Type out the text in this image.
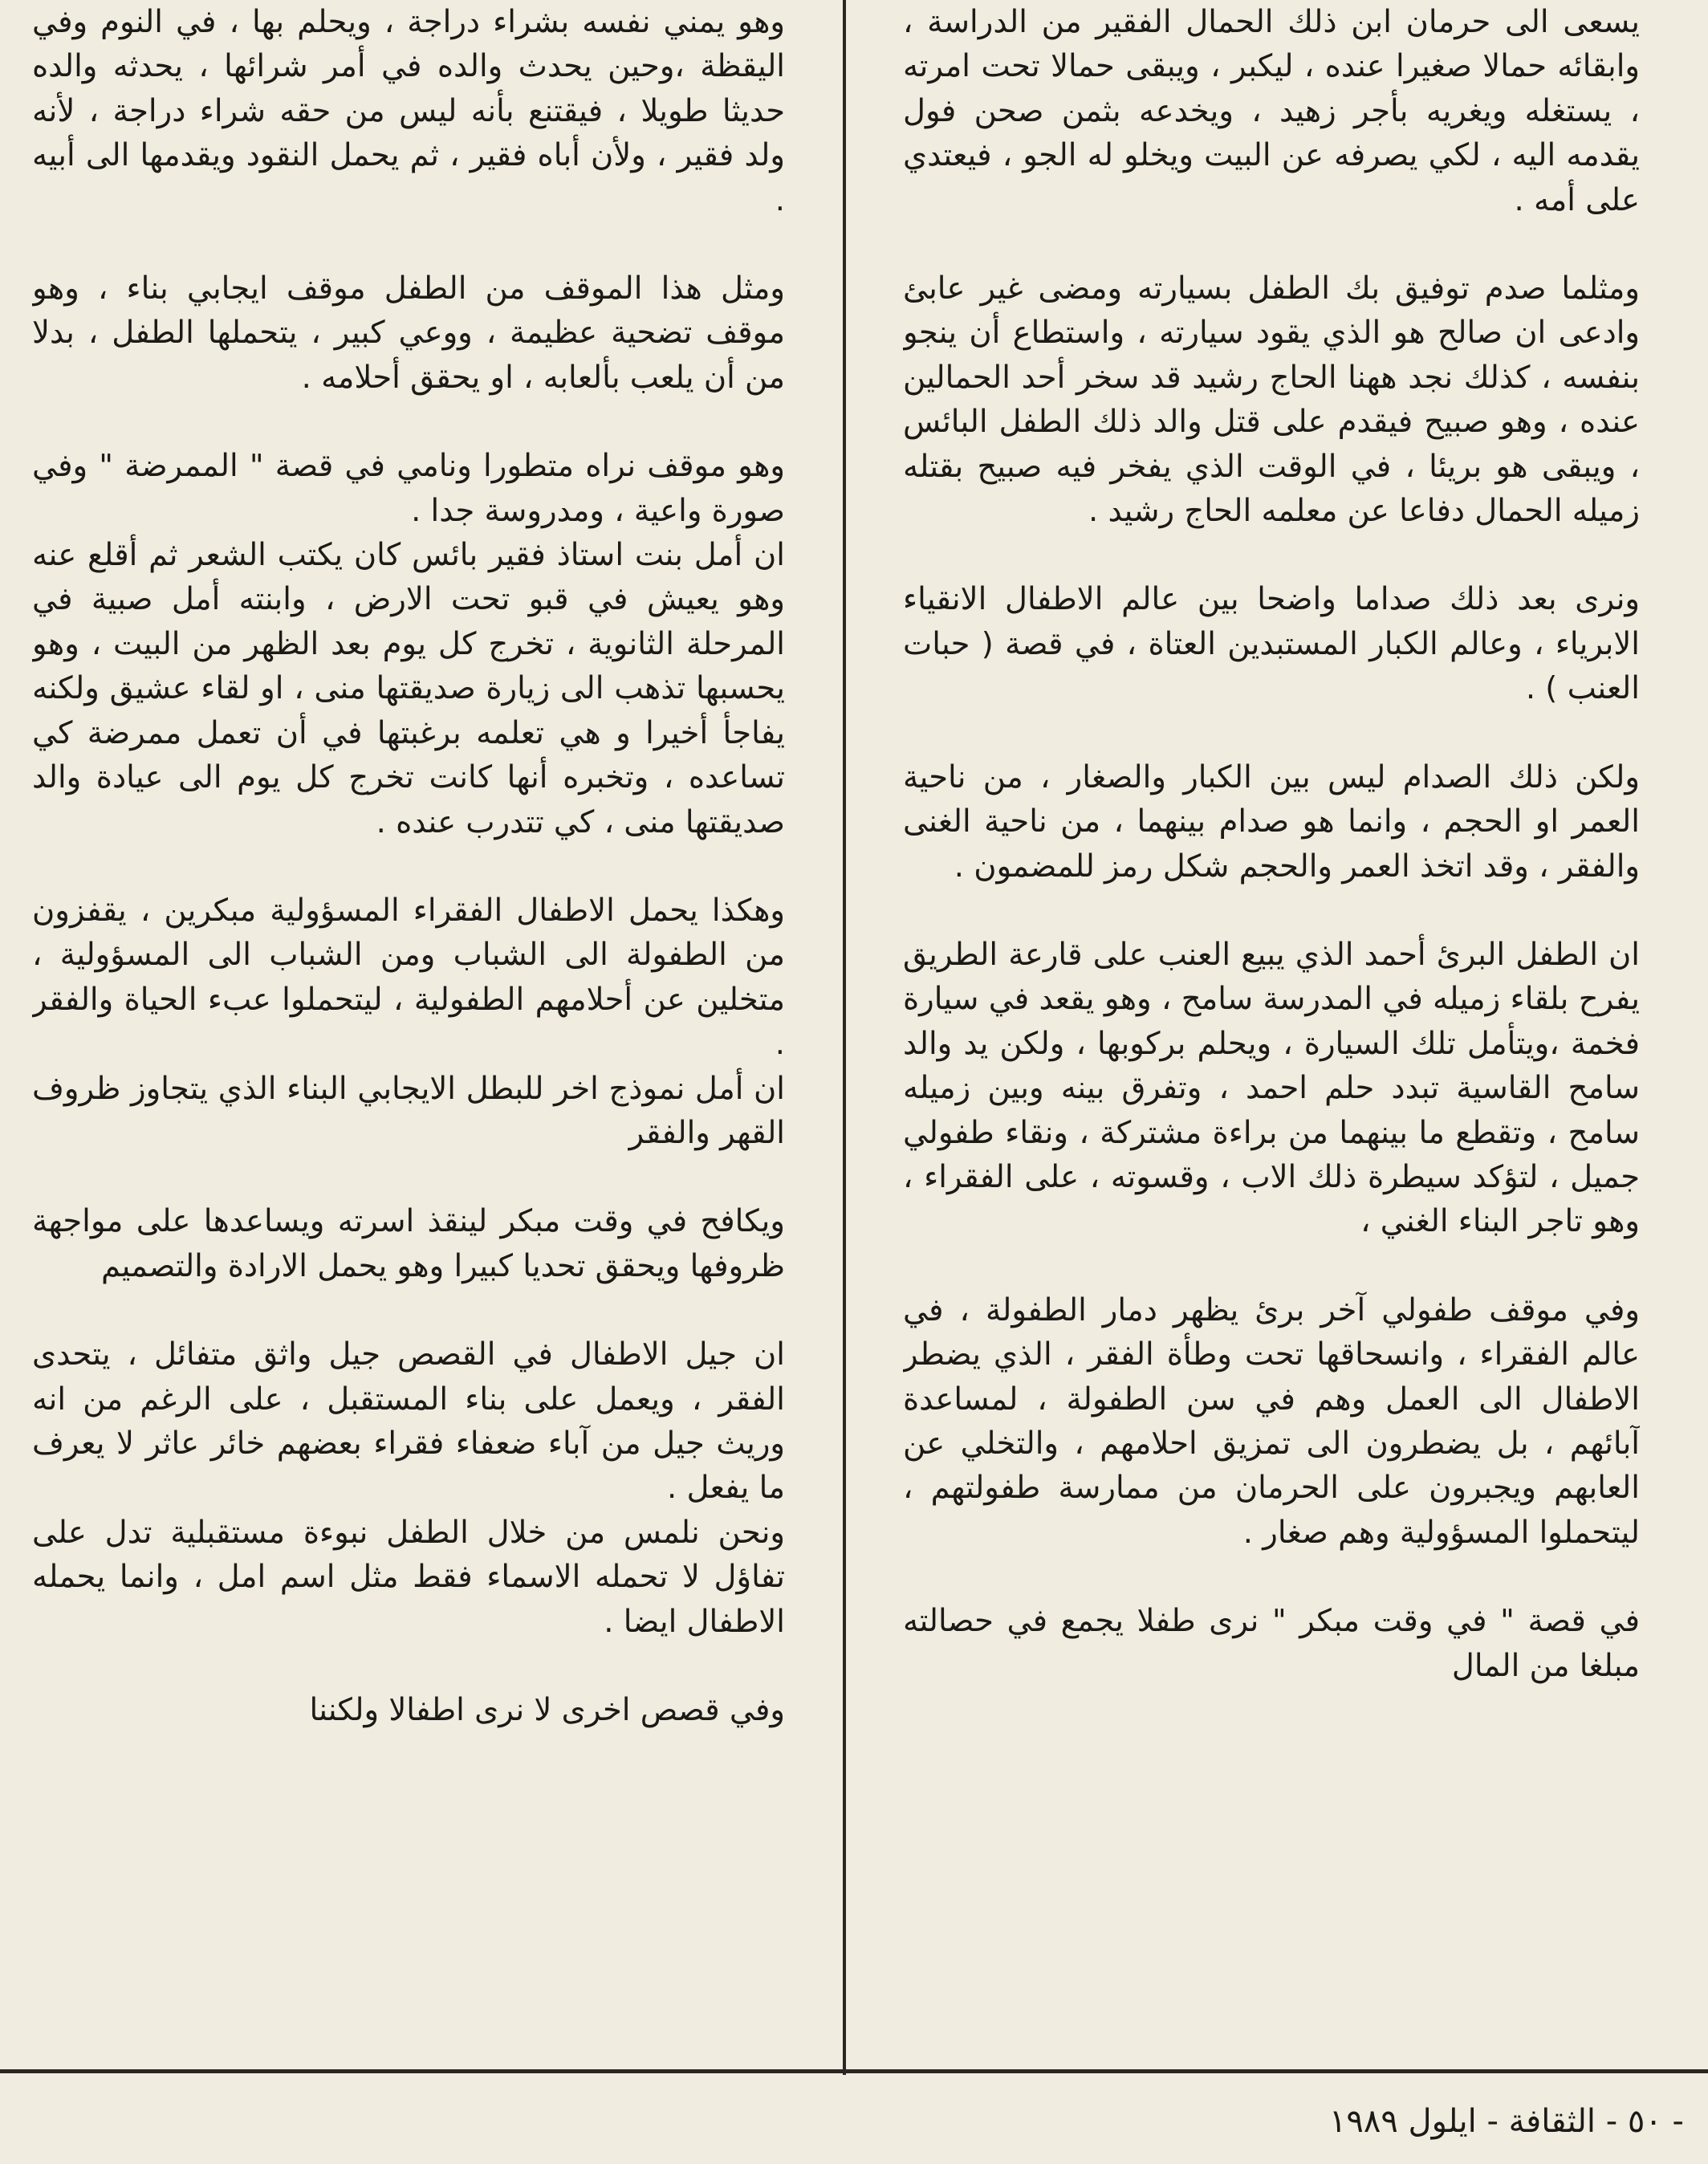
يسعى الى حرمان ابن ذلك الحمال الفقير من الدراسة ، وابقائه حمالا صغيرا عنده ، ليكبر ، ويبقى حمالا تحت امرته ، يستغله ويغريه بأجر زهيد ، ويخدعه بثمن صحن فول يقدمه اليه ، لكي يصرفه عن البيت ويخلو له الجو ، فيعتدي على أمه .

ومثلما صدم توفيق بك الطفل بسيارته ومضى غير عابئ وادعى ان صالح هو الذي يقود سيارته ، واستطاع أن ينجو بنفسه ، كذلك نجد ههنا الحاج رشيد قد سخر أحد الحمالين عنده ، وهو صبيح فيقدم على قتل والد ذلك الطفل البائس ، ويبقى هو بريئا ، في الوقت الذي يفخر فيه صبيح بقتله زميله الحمال دفاعا عن معلمه الحاج رشيد .

ونرى بعد ذلك صداما واضحا بين عالم الاطفال الانقياء الابرياء ، وعالم الكبار المستبدين العتاة ، في قصة ( حبات العنب ) .

ولكن ذلك الصدام ليس بين الكبار والصغار ، من ناحية العمر او الحجم ، وانما هو صدام بينهما ، من ناحية الغنى والفقر ، وقد اتخذ العمر والحجم شكل رمز للمضمون .

ان الطفل البرئ أحمد الذي يبيع العنب على قارعة الطريق يفرح بلقاء زميله في المدرسة سامح ، وهو يقعد في سيارة فخمة ،ويتأمل تلك السيارة ، ويحلم بركوبها ، ولكن يد والد سامح القاسية تبدد حلم احمد ، وتفرق بينه وبين زميله سامح ، وتقطع ما بينهما من براءة مشتركة ، ونقاء طفولي جميل ، لتؤكد سيطرة ذلك الاب ، وقسوته ، على الفقراء ، وهو تاجر البناء الغني ،

وفي موقف طفولي آخر برئ يظهر دمار الطفولة ، في عالم الفقراء ، وانسحاقها تحت وطأة الفقر ، الذي يضطر الاطفال الى العمل وهم في سن الطفولة ، لمساعدة آبائهم ، بل يضطرون الى تمزيق احلامهم ، والتخلي عن العابهم ويجبرون على الحرمان من ممارسة طفولتهم ، ليتحملوا المسؤولية وهم صغار .

في قصة " في وقت مبكر " نرى طفلا يجمع في حصالته مبلغا من المال

وهو يمني نفسه بشراء دراجة ، ويحلم بها ، في النوم وفي اليقظة ،وحين يحدث والده في أمر شرائها ، يحدثه والده حديثا طويلا ، فيقتنع بأنه ليس من حقه شراء دراجة ، لأنه ولد فقير ، ولأن أباه فقير ، ثم يحمل النقود ويقدمها الى أبيه .

ومثل هذا الموقف من الطفل موقف ايجابي بناء ، وهو موقف تضحية عظيمة ، ووعي كبير ، يتحملها الطفل ، بدلا من أن يلعب بألعابه ، او يحقق أحلامه .

وهو موقف نراه متطورا ونامي في قصة " الممرضة " وفي صورة واعية ، ومدروسة جدا .

ان أمل بنت استاذ فقير بائس كان يكتب الشعر ثم أقلع عنه وهو يعيش في قبو تحت الارض ، وابنته أمل صبية في المرحلة الثانوية ، تخرج كل يوم بعد الظهر من البيت ، وهو يحسبها تذهب الى زيارة صديقتها منى ، او لقاء عشيق ولكنه يفاجأ أخيرا و هي تعلمه برغبتها في أن تعمل ممرضة كي تساعده ، وتخبره أنها كانت تخرج كل يوم الى عيادة والد صديقتها منى ، كي تتدرب عنده .

وهكذا يحمل الاطفال الفقراء المسؤولية مبكرين ، يقفزون من الطفولة الى الشباب ومن الشباب الى المسؤولية ، متخلين عن أحلامهم الطفولية ، ليتحملوا عبء الحياة والفقر .

ان أمل نموذج اخر للبطل الايجابي البناء الذي يتجاوز ظروف القهر والفقر

ويكافح في وقت مبكر لينقذ اسرته ويساعدها على مواجهة ظروفها ويحقق تحديا كبيرا وهو يحمل الارادة والتصميم

ان جيل الاطفال في القصص جيل واثق متفائل ، يتحدى الفقر ، ويعمل على بناء المستقبل ، على الرغم من انه وريث جيل من آباء ضعفاء فقراء بعضهم خائر عاثر لا يعرف ما يفعل .

ونحن نلمس من خلال الطفل نبوءة مستقبلية تدل على تفاؤل لا تحمله الاسماء فقط مثل اسم امل ، وانما يحمله الاطفال ايضا .

وفي قصص اخرى لا نرى اطفالا ولكننا

- ٥٠ - الثقافة - ايلول ١٩٨٩
